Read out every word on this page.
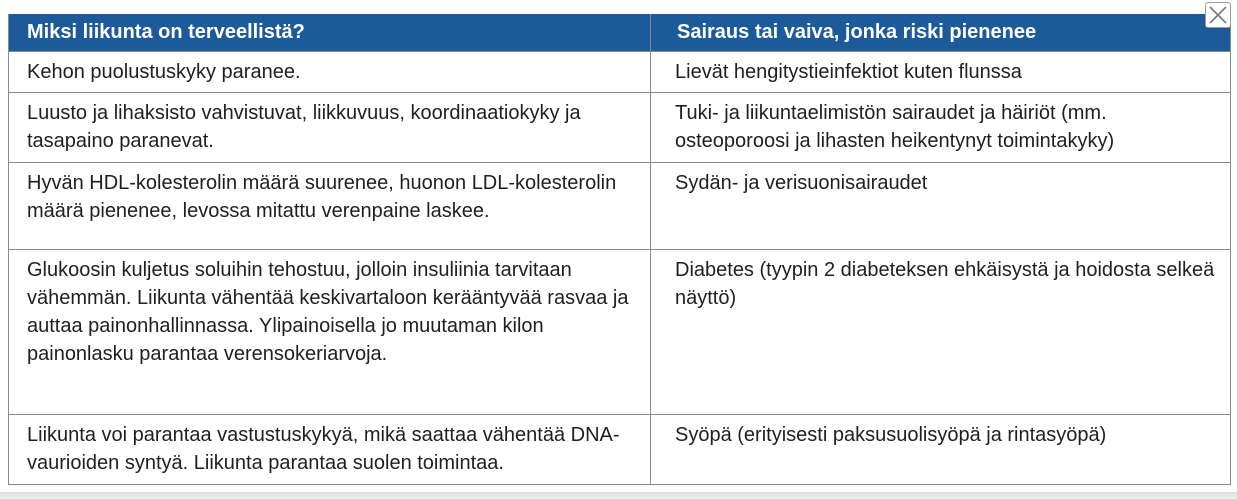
Miksi liikunta on terveellistä?	Sairaus tai vaiva, jonka riski pienenee
Kehon puolustuskyky paranee.	Lievät hengitystieinfektiot kuten flunssa
Luusto ja lihaksisto vahvistuvat, liikkuvuus, koordinaatiokyky ja tasapaino paranevat.	Tuki- ja liikuntaelimistön sairaudet ja häiriöt (mm. osteoporoosi ja lihasten heikentynyt toimintakyky)
Hyvän HDL-kolesterolin määrä suurenee, huonon LDL-kolesterolin määrä pienenee, levossa mitattu verenpaine laskee.	Sydän- ja verisuonisairaudet
Glukoosin kuljetus soluihin tehostuu, jolloin insuliinia tarvitaan vähemmän. Liikunta vähentää keskivartaloon kerääntyvää rasvaa ja auttaa painonhallinnassa. Ylipainoisella jo muutaman kilon painonlasku parantaa verensokeriarvoja.	Diabetes (tyypin 2 diabeteksen ehkäisystä ja hoidosta selkeä näyttö)
Liikunta voi parantaa vastustuskykyä, mikä saattaa vähentää DNA-vaurioiden syntyä. Liikunta parantaa suolen toimintaa.	Syöpä (erityisesti paksusuolisyöpä ja rintasyöpä)
